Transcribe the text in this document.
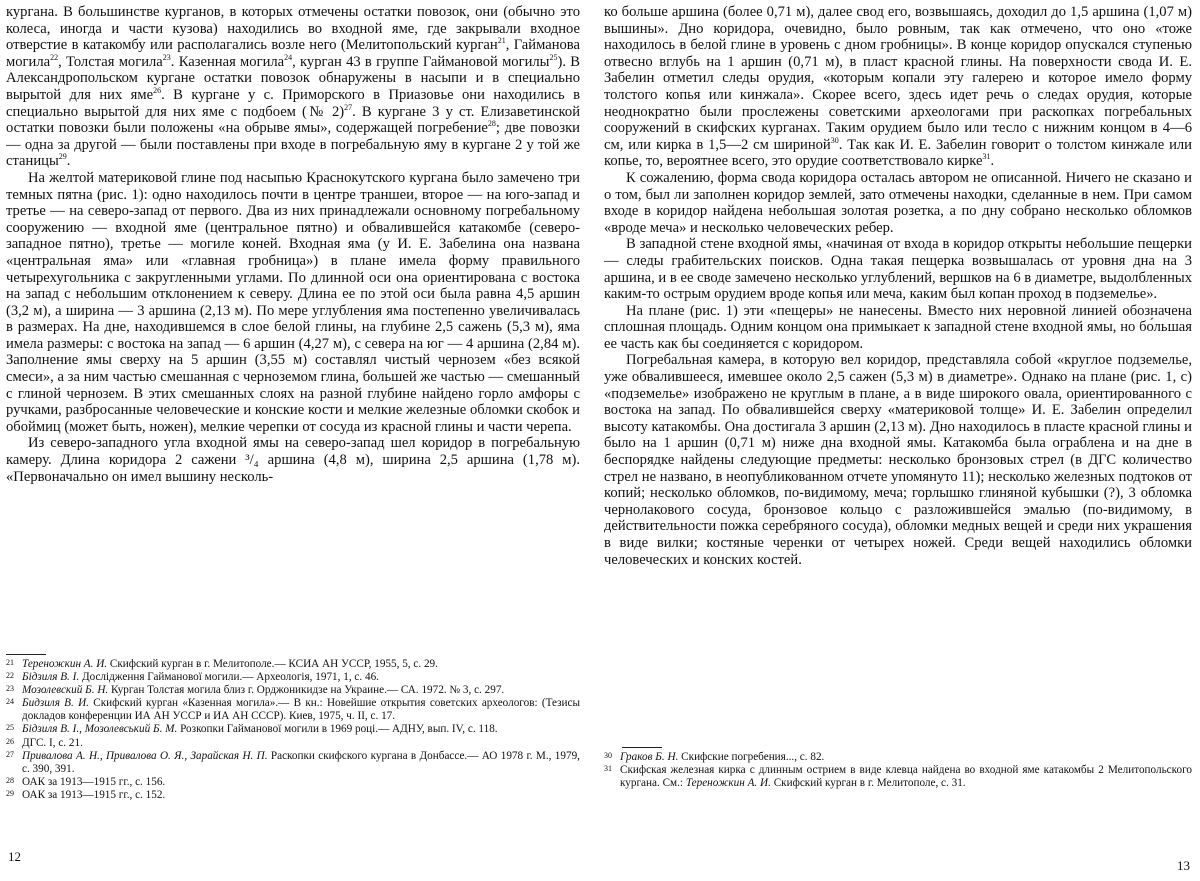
кургана. В большинстве курганов, в которых отмечены остатки повозок, они (обычно это колеса, иногда и части кузова) находились во входной яме, где закрывали входное отверстие в катакомбу или располагались возле него (Мелитопольский курган$^{21}$, Гайманова могила$^{22}$, Толстая могила$^{23}$. Казенная могила$^{24}$, курган 43 в группе Гаймановой могилы$^{25}$). В Александропольском кургане остатки повозок обнаружены в насыпи и в специально вырытой для них яме$^{26}$. В кургане у с. Приморского в Приазовье они находились в специально вырытой для них яме с подбоем (№ 2)$^{27}$. В кургане 3 у ст. Елизаветинской остатки повозки были положены «на обрыве ямы», содержащей погребение$^{28}$; две повозки — одна за другой — были поставлены при входе в погребальную яму в кургане 2 у той же станицы$^{29}$.

На желтой материковой глине под насыпью Краснокутского кургана было замечено три темных пятна (рис. 1): одно находилось почти в центре траншеи, второе — на юго-запад и третье — на северо-запад от первого. Два из них принадлежали основному погребальному сооружению — входной яме (центральное пятно) и обвалившейся катакомбе (северо-западное пятно), третье — могиле коней. Входная яма (у И. Е. Забелина она названа «центральная яма» или «главная гробница») в плане имела форму правильного четырехугольника с закругленными углами. По длинной оси она ориентирована с востока на запад с небольшим отклонением к северу. Длина ее по этой оси была равна 4,5 аршин (3,2 м), а ширина — 3 аршина (2,13 м). По мере углубления яма постепенно увеличивалась в размерах. На дне, находившемся в слое белой глины, на глубине 2,5 сажень (5,3 м), яма имела размеры: с востока на запад — 6 аршин (4,27 м), с севера на юг — 4 аршина (2,84 м). Заполнение ямы сверху на 5 аршин (3,55 м) составлял чистый чернозем «без всякой смеси», а за ним частью смешанная с черноземом глина, большей же частью — смешанный с глиной чернозем. В этих смешанных слоях на разной глубине найдено горло амфоры с ручками, разбросанные человеческие и конские кости и мелкие железные обломки скобок и обоймиц (может быть, ножен), мелкие черепки от сосуда из красной глины и части черепа.

Из северо-западного угла входной ямы на северо-запад шел коридор в погребальную камеру. Длина коридора 2 сажени ³/₄ аршина (4,8 м), ширина 2,5 аршина (1,78 м). «Первоначально он имел вышину несколь-

21 Тереножкин А. И. Скифский курган в г. Мелитополе.— КСИА АН УССР, 1955, 5, с. 29.
22 Бідзиля В. І. Дослідження Гайманової могили.— Археологія, 1971, 1, с. 46.
23 Мозолевский Б. Н. Курган Толстая могила близ г. Орджоникидзе на Украине.— СА. 1972. № 3, с. 297.
24 Бидзиля В. И. Скифский курган «Казенная могила».— В кн.: Новейшие открытия советских археологов: (Тезисы докладов конференции ИА АН УССР и ИА АН СССР). Киев, 1975, ч. II, с. 17.
25 Бідзиля В. І., Мозолевський Б. М. Розкопки Гайманової могили в 1969 році.— АДНУ, вып. IV, с. 118.
26 ДГС. I, с. 21.
27 Привалова А. Н., Привалова О. Я., Зарайская Н. П. Раскопки скифского кургана в Донбассе.— АО 1978 г. М., 1979, с. 390, 391.
28 ОАК за 1913—1915 гг., с. 156.
29 ОАК за 1913—1915 гг., с. 152.
12

ко больше аршина (более 0,71 м), далее свод его, возвышаясь, доходил до 1,5 аршина (1,07 м) вышины». Дно коридора, очевидно, было ровным, так как отмечено, что оно «тоже находилось в белой глине в уровень с дном гробницы». В конце коридор опускался ступенью отвесно вглубь на 1 аршин (0,71 м), в пласт красной глины. На поверхности свода И. Е. Забелин отметил следы орудия, «которым копали эту галерею и которое имело форму толстого копья или кинжала». Скорее всего, здесь идет речь о следах орудия, которые неоднократно были прослежены советскими археологами при раскопках погребальных сооружений в скифских курганах. Таким орудием было или тесло с нижним концом в 4—6 см, или кирка в 1,5—2 см шириной$^{30}$. Так как И. Е. Забелин говорит о толстом кинжале или копье, то, вероятнее всего, это орудие соответствовало кирке$^{31}$.

К сожалению, форма свода коридора осталась автором не описанной. Ничего не сказано и о том, был ли заполнен коридор землей, зато отмечены находки, сделанные в нем. При самом входе в коридор найдена небольшая золотая розетка, а по дну собрано несколько обломков «вроде меча» и несколько человеческих ребер.

В западной стене входной ямы, «начиная от входа в коридор открыты небольшие пещерки — следы грабительских поисков. Одна такая пещерка возвышалась от уровня дна на 3 аршина, и в ее своде замечено несколько углублений, вершков на 6 в диаметре, выдолбленных каким-то острым орудием вроде копья или меча, каким был копан проход в подземелье».

На плане (рис. 1) эти «пещеры» не нанесены. Вместо них неровной линией обозначена сплошная площадь. Одним концом она примыкает к западной стене входной ямы, но бо́льшая ее часть как бы соединяется с коридором.

Погребальная камера, в которую вел коридор, представляла собой «круглое подземелье, уже обвалившееся, имевшее около 2,5 сажен (5,3 м) в диаметре». Однако на плане (рис. 1, с) «подземелье» изображено не круглым в плане, а в виде широкого овала, ориентированного с востока на запад. По обвалившейся сверху «материковой толще» И. Е. Забелин определил высоту катакомбы. Она достигала 3 аршин (2,13 м). Дно находилось в пласте красной глины и было на 1 аршин (0,71 м) ниже дна входной ямы. Катакомба была ограблена и на дне в беспорядке найдены следующие предметы: несколько бронзовых стрел (в ДГС количество стрел не названо, в неопубликованном отчете упомянуто 11); несколько железных подтоков от копий; несколько обломков, по-видимому, меча; горлышко глиняной кубышки (?), 3 обломка чернолакового сосуда, бронзовое кольцо с разложившейся эмалью (по-видимому, в действительности пожка серебряного сосуда), обломки медных вещей и среди них украшения в виде вилки; костяные черенки от четырех ножей. Среди вещей находились обломки человеческих и конских костей.

30 Граков Б. Н. Скифские погребения..., с. 82.
31 Скифская железная кирка с длинным острием в виде клевца найдена во входной яме катакомбы 2 Мелитопольского кургана. См.: Тереножкин А. И. Скифский курган в г. Мелитополе, с. 31.
13
